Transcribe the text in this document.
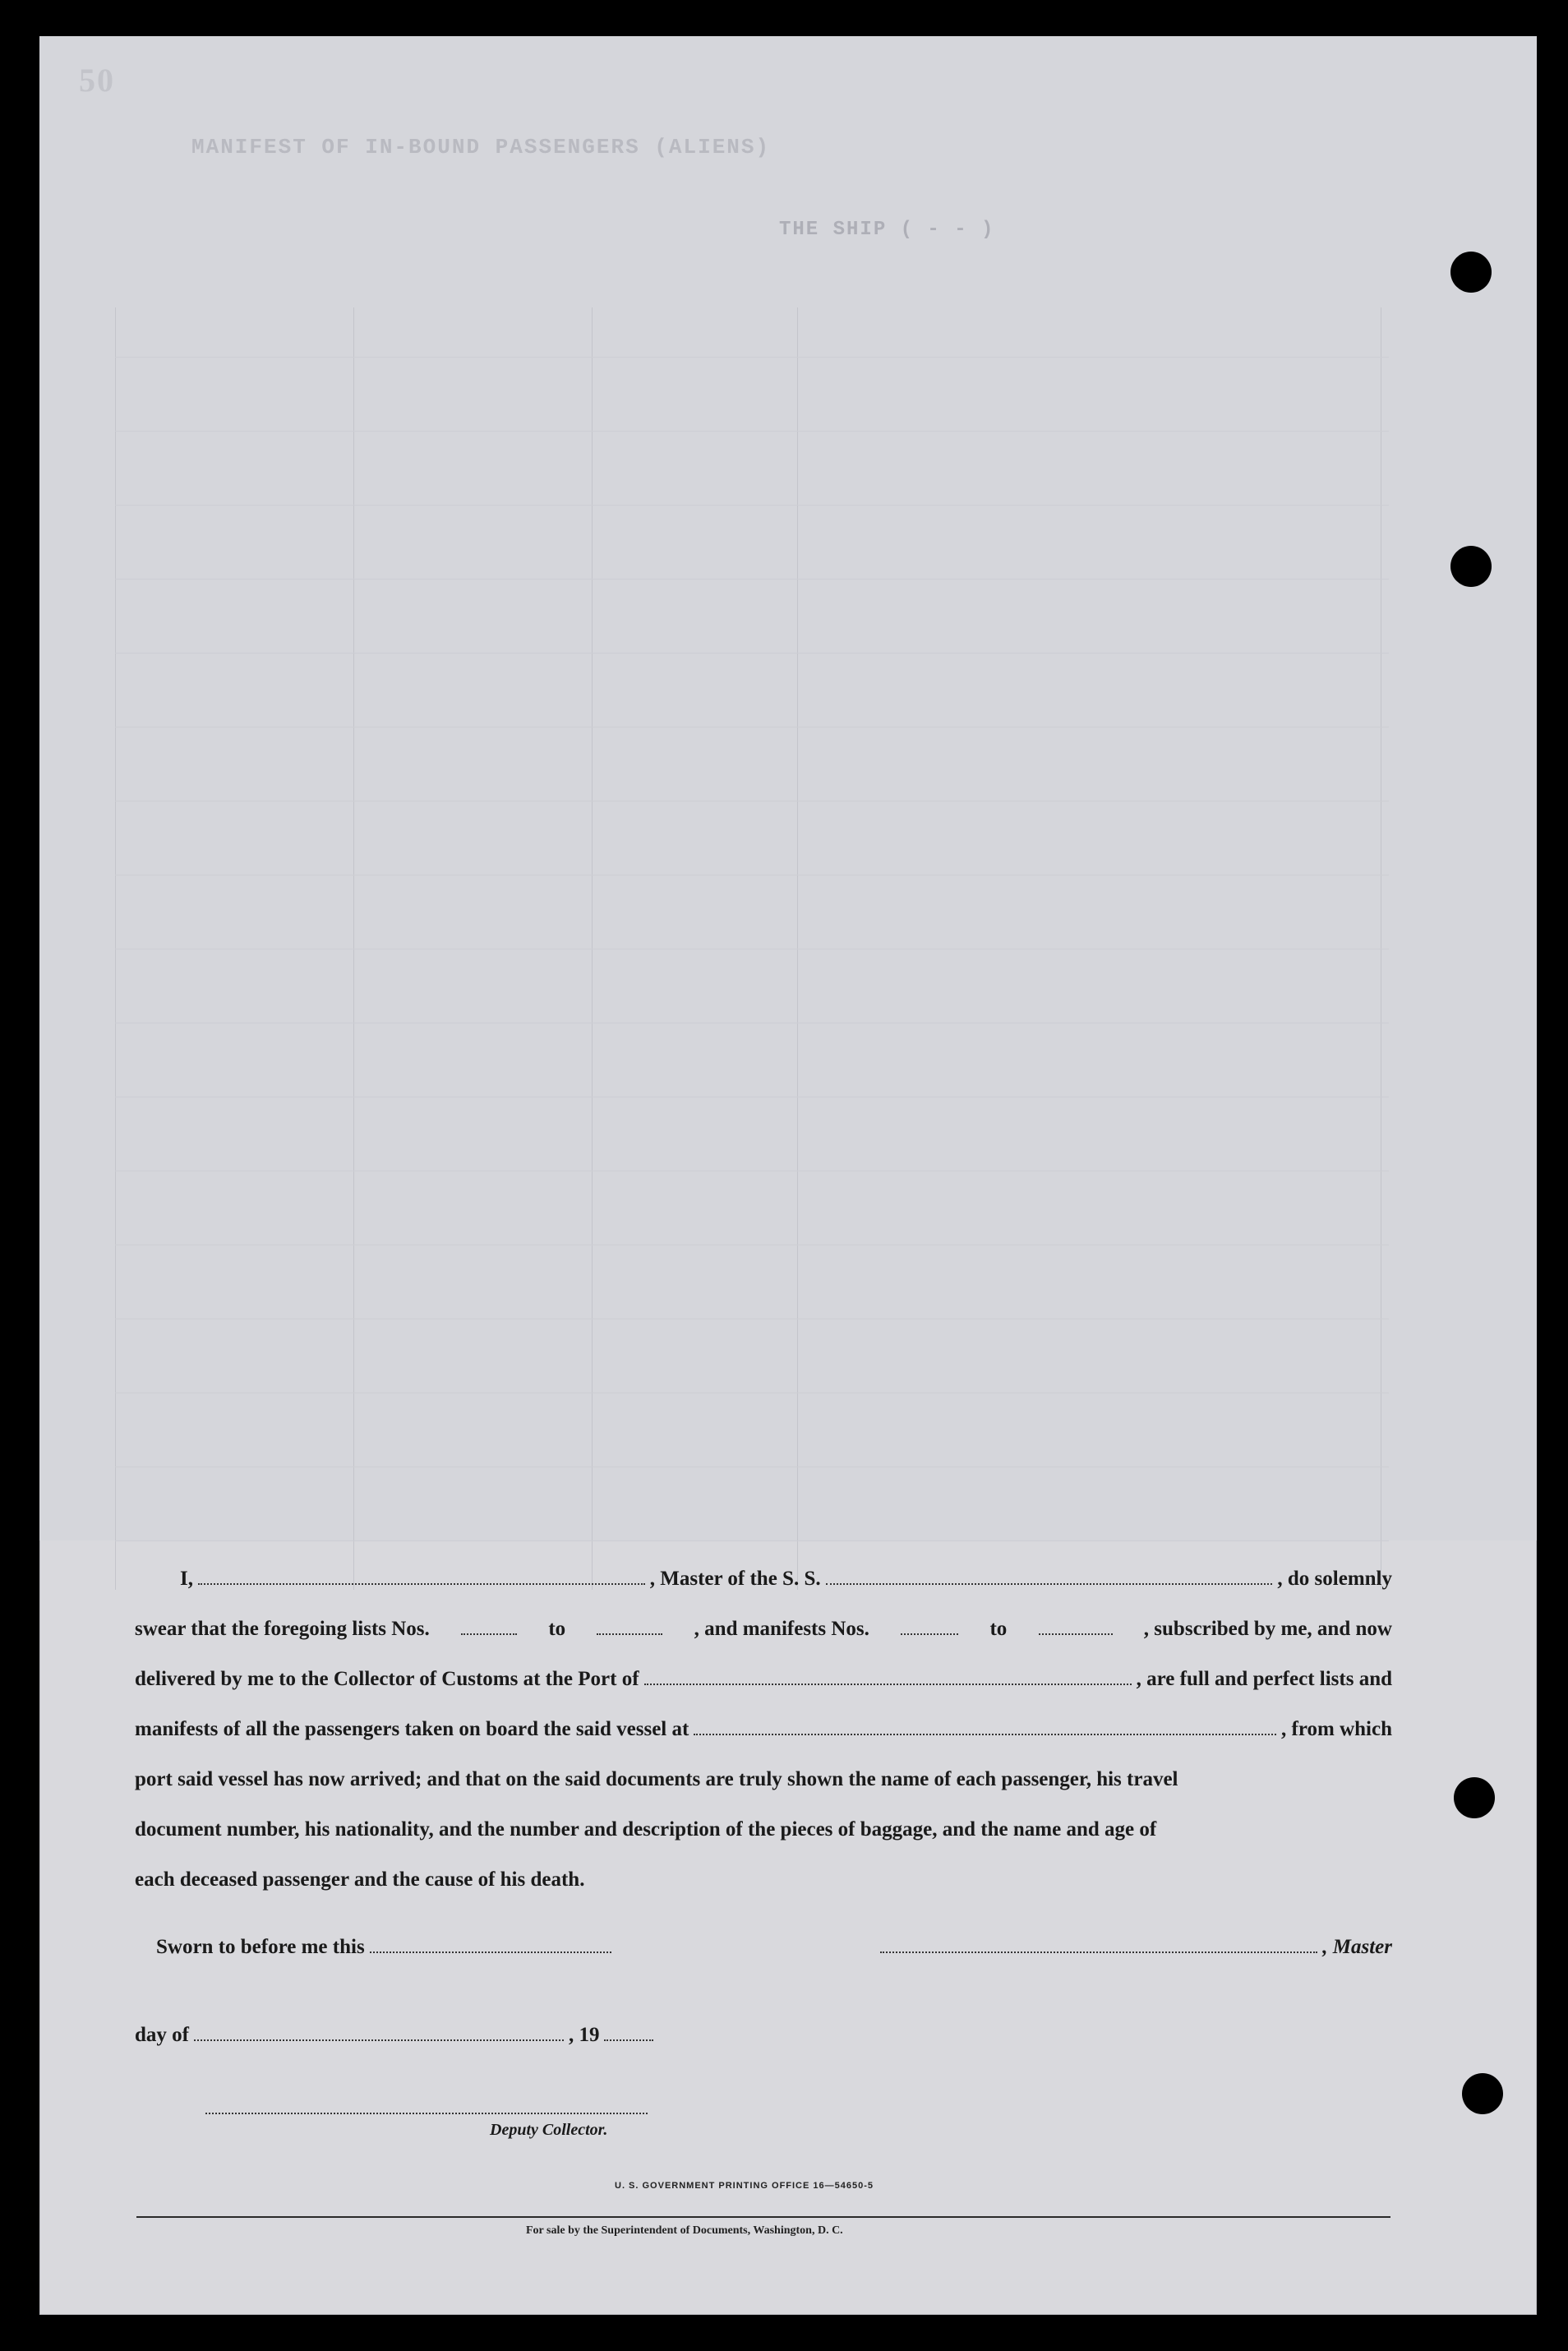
50
MANIFEST OF IN-BOUND PASSENGERS (ALIENS)
THE SHIP ( - - )
I,	, Master of the S. S.	, do solemnly
swear that the foregoing lists Nos.	to	, and manifests Nos.	to	, subscribed by me, and now
delivered by me to the Collector of Customs at the Port of	, are full and perfect lists and
manifests of all the passengers taken on board the said vessel at	, from which
port said vessel has now arrived; and that on the said documents are truly shown the name of each passenger, his travel
document number, his nationality, and the number and description of the pieces of baggage, and the name and age of
each deceased passenger and the cause of his death.
Sworn to before me this	, Master
day of	, 19
Deputy Collector.
U. S. GOVERNMENT PRINTING OFFICE 16—54650-5
For sale by the Superintendent of Documents, Washington, D. C.
